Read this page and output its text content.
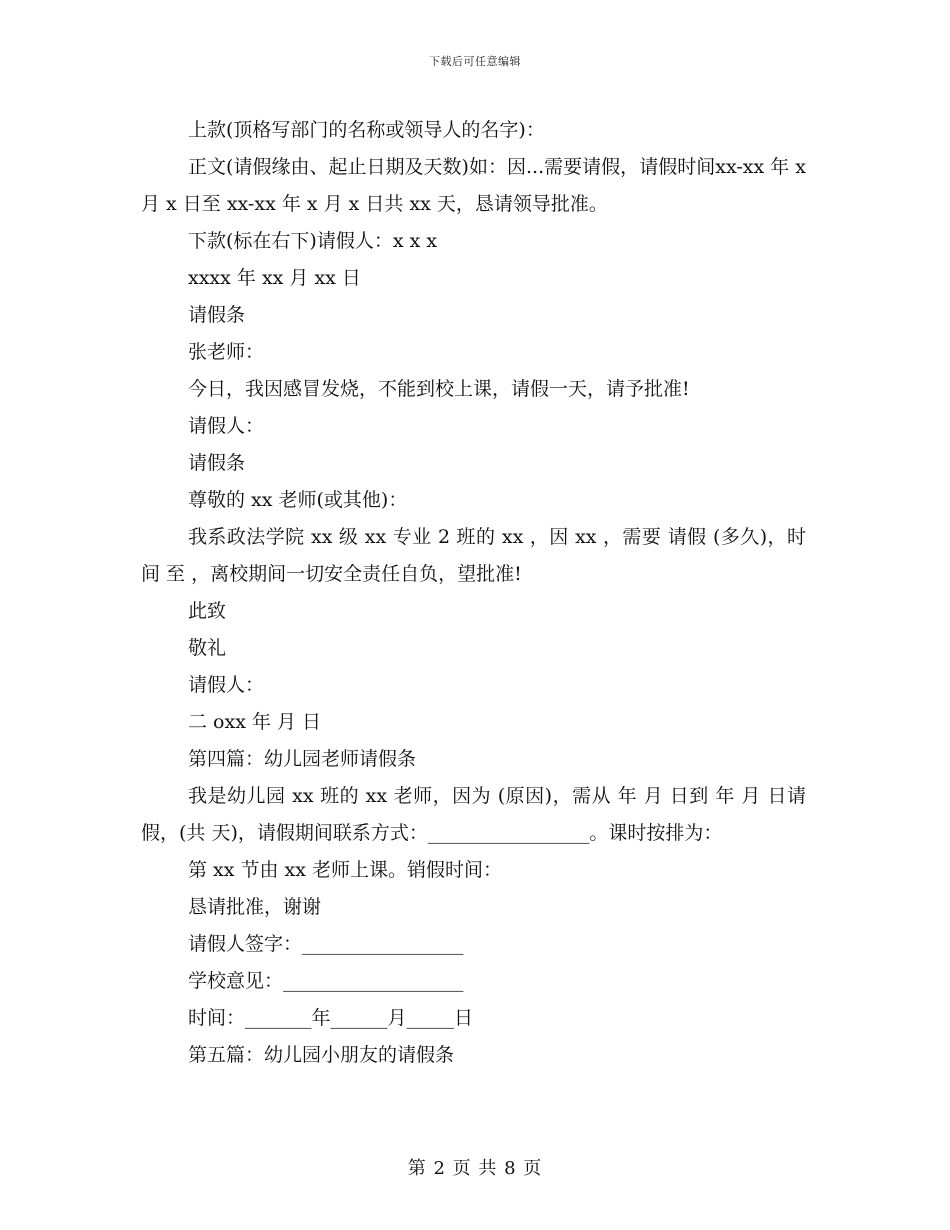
下载后可任意编辑

上款(顶格写部门的名称或领导人的名字)：

正文(请假缘由、起止日期及天数)如：因...需要请假，请假时间xx-xx 年 x 月 x 日至 xx-xx 年 x 月 x 日共 xx 天，恳请领导批准。

下款(标在右下)请假人：x x x

xxxx 年 xx 月 xx 日

请假条

张老师：

今日，我因感冒发烧，不能到校上课，请假一天，请予批准!

请假人：

请假条

尊敬的 xx 老师(或其他)：

我系政法学院 xx 级 xx 专业 2 班的 xx ，因 xx ，需要 请假 (多久)，时间 至 ，离校期间一切安全责任自负，望批准!

此致

敬礼

请假人：

二 oxx 年 月 日

第四篇：幼儿园老师请假条

我是幼儿园 xx 班的 xx 老师，因为 (原因)，需从 年 月 日到 年 月 日请假，(共 天)，请假期间联系方式：_________________。课时按排为：

第 xx 节由 xx 老师上课。销假时间：

恳请批准，谢谢

请假人签字：_________________

学校意见：___________________

时间：_______年______月_____日

第五篇：幼儿园小朋友的请假条

第 2 页 共 8 页
